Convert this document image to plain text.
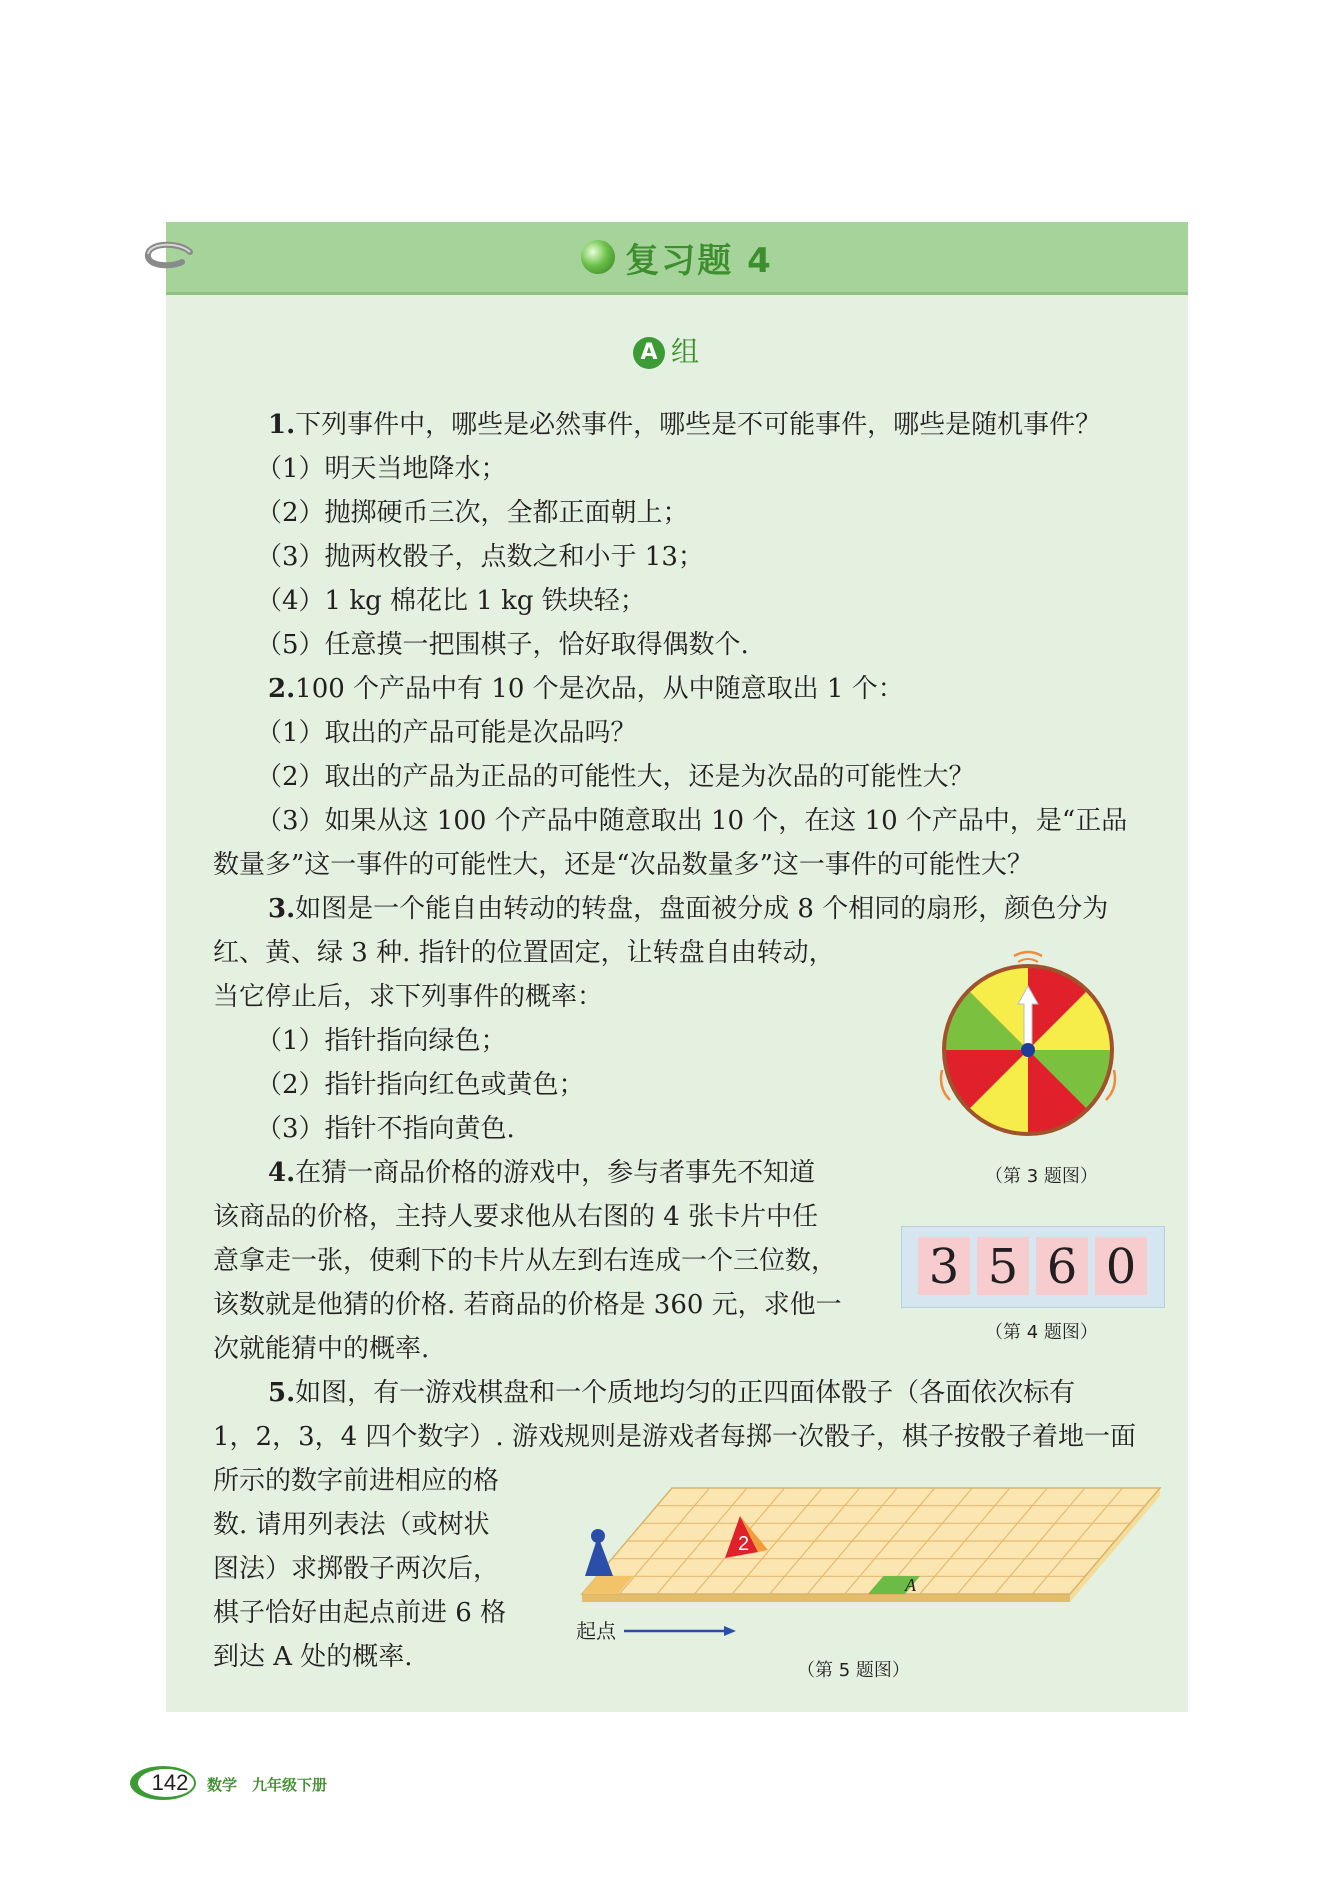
复习题 4
A 组
1.下列事件中，哪些是必然事件，哪些是不可能事件，哪些是随机事件？
（1）明天当地降水；
（2）抛掷硬币三次，全都正面朝上；
（3）抛两枚骰子，点数之和小于 13；
（4）1 kg 棉花比 1 kg 铁块轻；
（5）任意摸一把围棋子，恰好取得偶数个.
2.100 个产品中有 10 个是次品，从中随意取出 1 个：
（1）取出的产品可能是次品吗？
（2）取出的产品为正品的可能性大，还是为次品的可能性大？
（3）如果从这 100 个产品中随意取出 10 个，在这 10 个产品中，是“正品
数量多”这一事件的可能性大，还是“次品数量多”这一事件的可能性大？
3.如图是一个能自由转动的转盘，盘面被分成 8 个相同的扇形，颜色分为
红、黄、绿 3 种. 指针的位置固定，让转盘自由转动，
当它停止后，求下列事件的概率：
（1）指针指向绿色；
（2）指针指向红色或黄色；
（3）指针不指向黄色.
（第 3 题图）
4.在猜一商品价格的游戏中，参与者事先不知道
该商品的价格，主持人要求他从右图的 4 张卡片中任
意拿走一张，使剩下的卡片从左到右连成一个三位数，
该数就是他猜的价格. 若商品的价格是 360 元，求他一
次就能猜中的概率.
3 5 6 0
（第 4 题图）
5.如图，有一游戏棋盘和一个质地均匀的正四面体骰子（各面依次标有
1，2，3，4 四个数字）. 游戏规则是游戏者每掷一次骰子，棋子按骰子着地一面
所示的数字前进相应的格
数. 请用列表法（或树状
图法）求掷骰子两次后，
棋子恰好由起点前进 6 格
到达 A 处的概率.
A
2
起点
（第 5 题图）
142	数学　九年级下册
